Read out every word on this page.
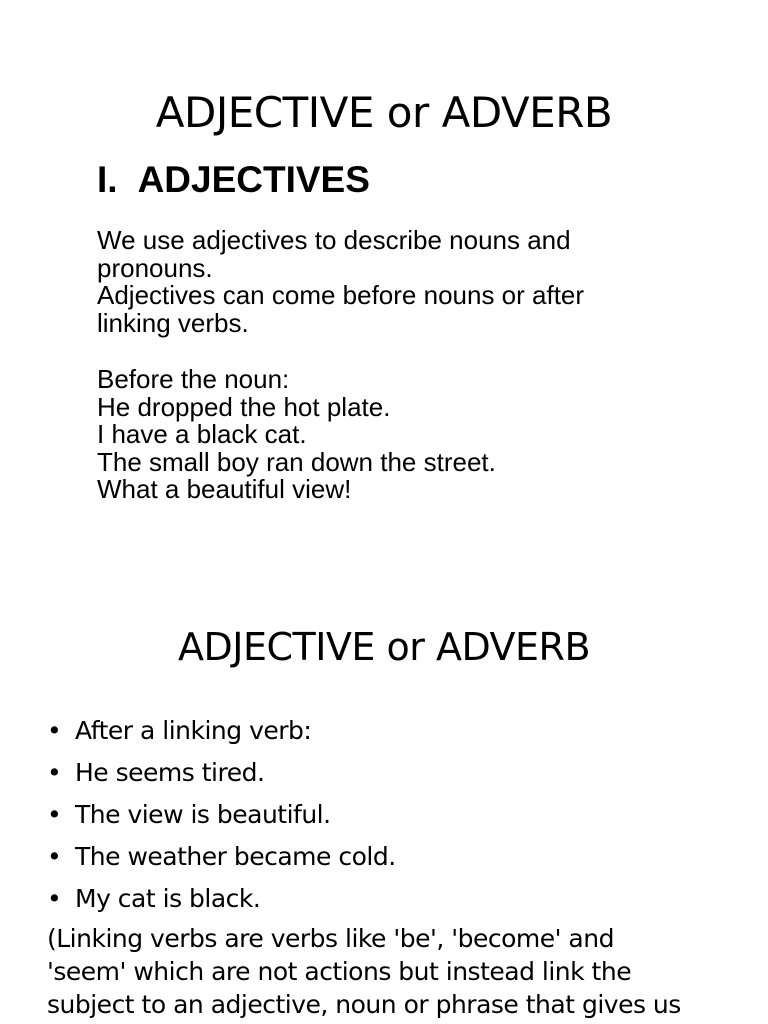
ADJECTIVE or ADVERB
I. ADJECTIVES

We use adjectives to describe nouns and
pronouns.
Adjectives can come before nouns or after
linking verbs.

Before the noun:
He dropped the hot plate.
I have a black cat.
The small boy ran down the street.
What a beautiful view!

ADJECTIVE or ADVERB
• After a linking verb:
• He seems tired.
• The view is beautiful.
• The weather became cold.
• My cat is black.

(Linking verbs are verbs like 'be', 'become' and
'seem' which are not actions but instead link the
subject to an adjective, noun or phrase that gives us
